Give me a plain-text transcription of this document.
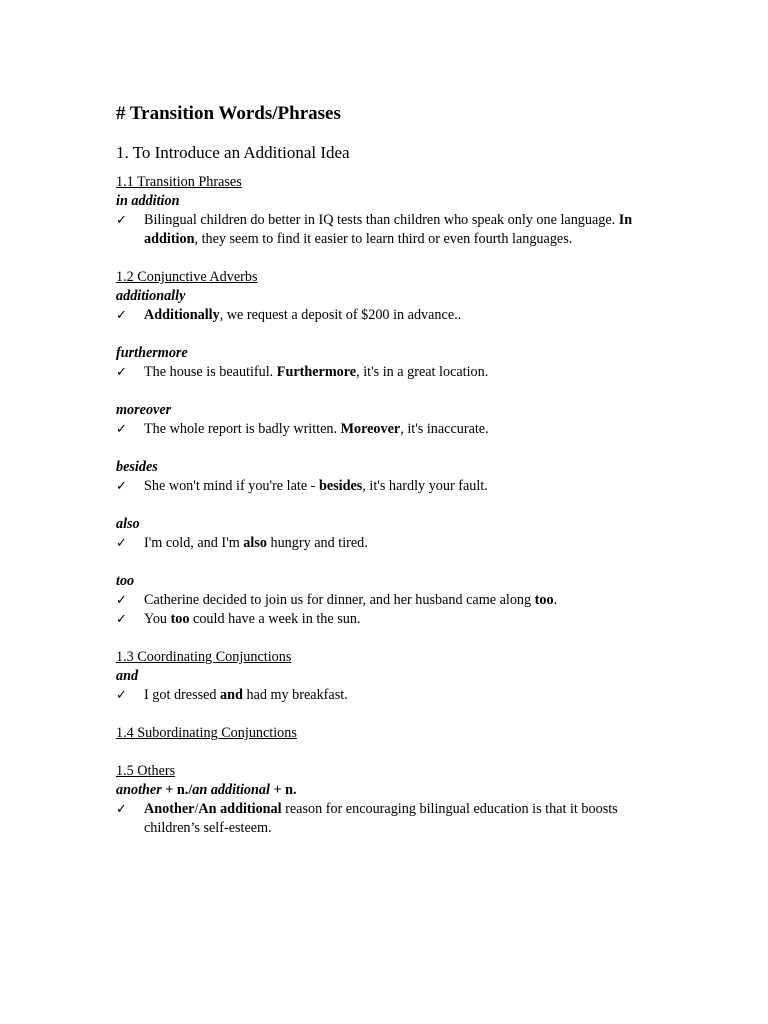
# Transition Words/Phrases
1. To Introduce an Additional Idea
1.1 Transition Phrases
in addition
✓	Bilingual children do better in IQ tests than children who speak only one language. In addition, they seem to find it easier to learn third or even fourth languages.
1.2 Conjunctive Adverbs
additionally
✓	Additionally, we request a deposit of $200 in advance..
furthermore
✓	The house is beautiful. Furthermore, it's in a great location.
moreover
✓	The whole report is badly written. Moreover, it's inaccurate.
besides
✓	She won't mind if you're late - besides, it's hardly your fault.
also
✓	I'm cold, and I'm also hungry and tired.
too
✓	Catherine decided to join us for dinner, and her husband came along too.
✓	You too could have a week in the sun.
1.3 Coordinating Conjunctions
and
✓	I got dressed and had my breakfast.
1.4 Subordinating Conjunctions
1.5 Others
another + n./an additional + n.
✓	Another/An additional reason for encouraging bilingual education is that it boosts children’s self-esteem.
